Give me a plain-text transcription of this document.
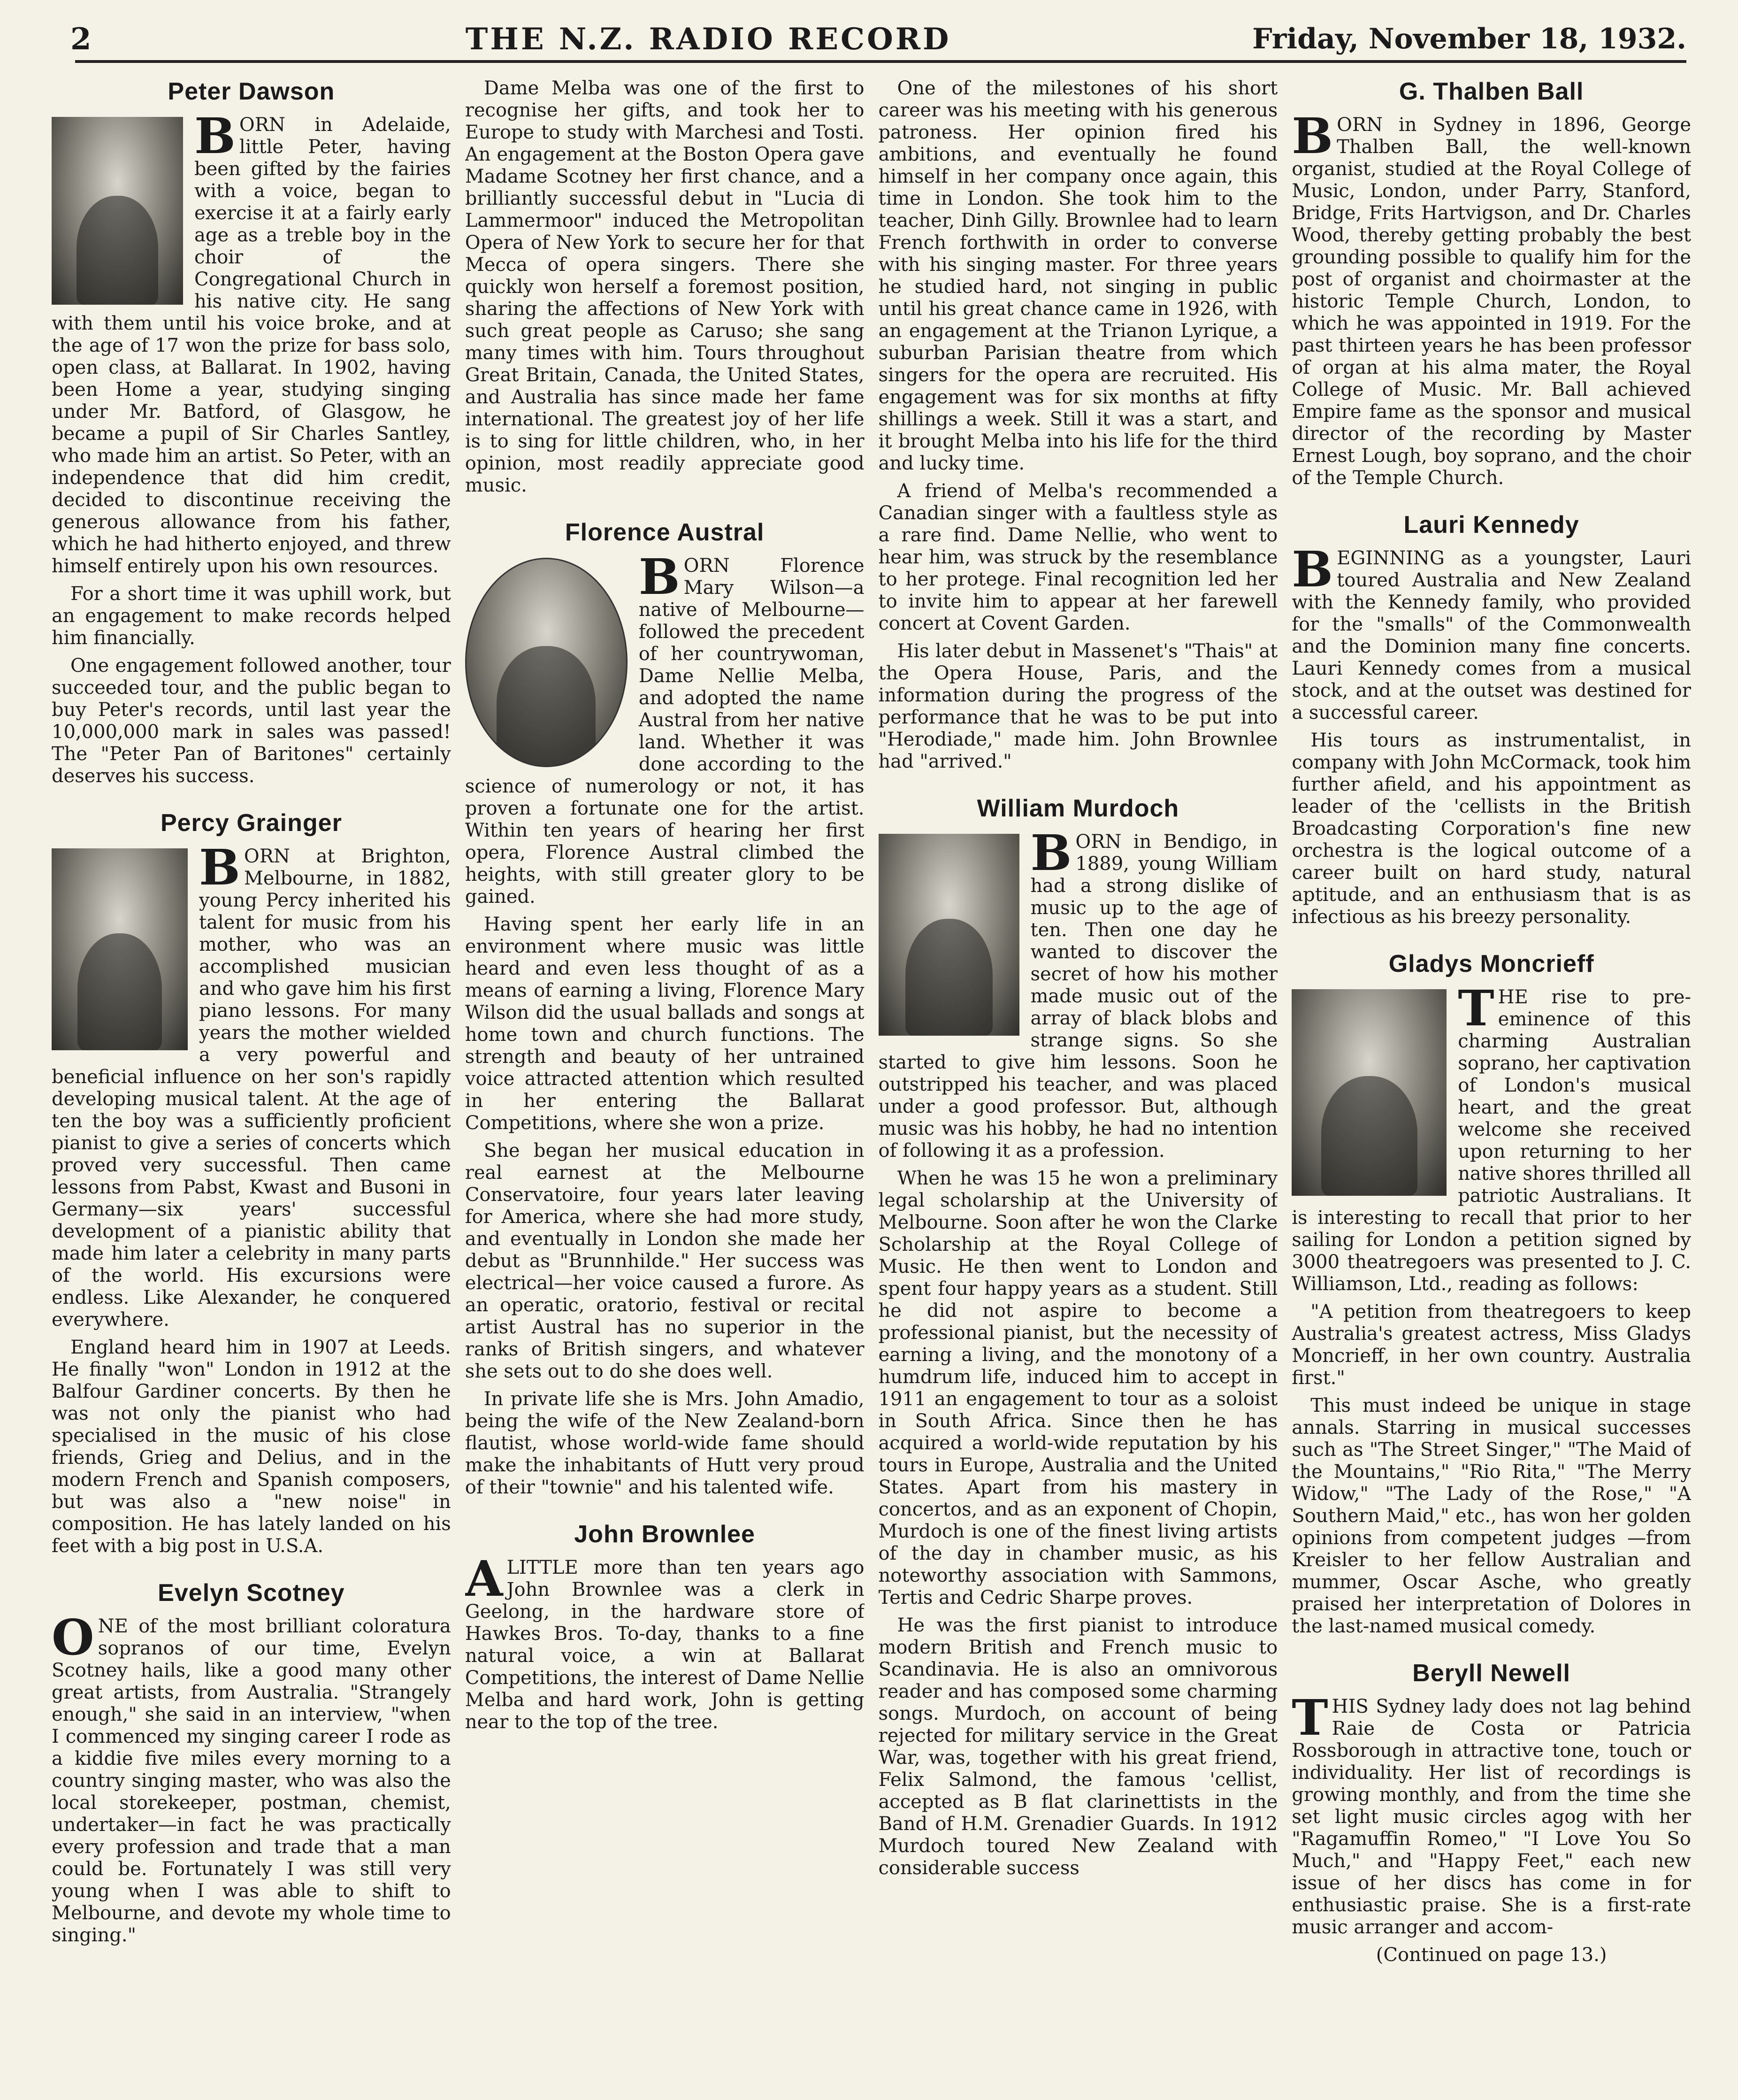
2	THE N.Z. RADIO RECORD	Friday, November 18, 1932.
Peter Dawson

BORN in Adelaide, little Peter, having been gifted by the fairies with a voice, began to exercise it at a fairly early age as a treble boy in the choir of the Congregational Church in his native city. He sang with them until his voice broke, and at the age of 17 won the prize for bass solo, open class, at Ballarat. In 1902, having been Home a year, studying singing under Mr. Batford, of Glasgow, he became a pupil of Sir Charles Santley, who made him an artist. So Peter, with an independence that did him credit, decided to discontinue receiving the generous allowance from his father, which he had hitherto enjoyed, and threw himself entirely upon his own resources.

For a short time it was uphill work, but an engagement to make records helped him financially.

One engagement followed another, tour succeeded tour, and the public began to buy Peter's records, until last year the 10,000,000 mark in sales was passed! The "Peter Pan of Baritones" certainly deserves his success.

Percy Grainger

BORN at Brighton, Melbourne, in 1882, young Percy inherited his talent for music from his mother, who was an accomplished musician and who gave him his first piano lessons. For many years the mother wielded a very powerful and beneficial influence on her son's rapidly developing musical talent. At the age of ten the boy was a sufficiently proficient pianist to give a series of concerts which proved very successful. Then came lessons from Pabst, Kwast and Busoni in Germany—six years' successful development of a pianistic ability that made him later a celebrity in many parts of the world. His excursions were endless. Like Alexander, he conquered everywhere.

England heard him in 1907 at Leeds. He finally "won" London in 1912 at the Balfour Gardiner concerts. By then he was not only the pianist who had specialised in the music of his close friends, Grieg and Delius, and in the modern French and Spanish composers, but was also a "new noise" in composition. He has lately landed on his feet with a big post in U.S.A.

Evelyn Scotney

ONE of the most brilliant coloratura sopranos of our time, Evelyn Scotney hails, like a good many other great artists, from Australia. "Strangely enough," she said in an interview, "when I commenced my singing career I rode as a kiddie five miles every morning to a country singing master, who was also the local storekeeper, postman, chemist, undertaker—in fact he was practically every profession and trade that a man could be. Fortunately I was still very young when I was able to shift to Melbourne, and devote my whole time to singing."

Dame Melba was one of the first to recognise her gifts, and took her to Europe to study with Marchesi and Tosti. An engagement at the Boston Opera gave Madame Scotney her first chance, and a brilliantly successful debut in "Lucia di Lammermoor" induced the Metropolitan Opera of New York to secure her for that Mecca of opera singers. There she quickly won herself a foremost position, sharing the affections of New York with such great people as Caruso; she sang many times with him. Tours throughout Great Britain, Canada, the United States, and Australia has since made her fame international. The greatest joy of her life is to sing for little children, who, in her opinion, most readily appreciate good music.

Florence Austral

BORN Florence Mary Wilson—a native of Melbourne—followed the precedent of her countrywoman, Dame Nellie Melba, and adopted the name Austral from her native land. Whether it was done according to the science of numerology or not, it has proven a fortunate one for the artist. Within ten years of hearing her first opera, Florence Austral climbed the heights, with still greater glory to be gained.

Having spent her early life in an environment where music was little heard and even less thought of as a means of earning a living, Florence Mary Wilson did the usual ballads and songs at home town and church functions. The strength and beauty of her untrained voice attracted attention which resulted in her entering the Ballarat Competitions, where she won a prize.

She began her musical education in real earnest at the Melbourne Conservatoire, four years later leaving for America, where she had more study, and eventually in London she made her debut as "Brunnhilde." Her success was electrical—her voice caused a furore. As an operatic, oratorio, festival or recital artist Austral has no superior in the ranks of British singers, and whatever she sets out to do she does well.

In private life she is Mrs. John Amadio, being the wife of the New Zealand-born flautist, whose world-wide fame should make the inhabitants of Hutt very proud of their "townie" and his talented wife.

John Brownlee

A LITTLE more than ten years ago John Brownlee was a clerk in Geelong, in the hardware store of Hawkes Bros. To-day, thanks to a fine natural voice, a win at Ballarat Competitions, the interest of Dame Nellie Melba and hard work, John is getting near to the top of the tree.

One of the milestones of his short career was his meeting with his generous patroness. Her opinion fired his ambitions, and eventually he found himself in her company once again, this time in London. She took him to the teacher, Dinh Gilly. Brownlee had to learn French forthwith in order to converse with his singing master. For three years he studied hard, not singing in public until his great chance came in 1926, with an engagement at the Trianon Lyrique, a suburban Parisian theatre from which singers for the opera are recruited. His engagement was for six months at fifty shillings a week. Still it was a start, and it brought Melba into his life for the third and lucky time.

A friend of Melba's recommended a Canadian singer with a faultless style as a rare find. Dame Nellie, who went to hear him, was struck by the resemblance to her protege. Final recognition led her to invite him to appear at her farewell concert at Covent Garden.

His later debut in Massenet's "Thais" at the Opera House, Paris, and the information during the progress of the performance that he was to be put into "Herodiade," made him. John Brownlee had "arrived."

William Murdoch

BORN in Bendigo, in 1889, young William had a strong dislike of music up to the age of ten. Then one day he wanted to discover the secret of how his mother made music out of the array of black blobs and strange signs. So she started to give him lessons. Soon he outstripped his teacher, and was placed under a good professor. But, although music was his hobby, he had no intention of following it as a profession.

When he was 15 he won a preliminary legal scholarship at the University of Melbourne. Soon after he won the Clarke Scholarship at the Royal College of Music. He then went to London and spent four happy years as a student. Still he did not aspire to become a professional pianist, but the necessity of earning a living, and the monotony of a humdrum life, induced him to accept in 1911 an engagement to tour as a soloist in South Africa. Since then he has acquired a world-wide reputation by his tours in Europe, Australia and the United States. Apart from his mastery in concertos, and as an exponent of Chopin, Murdoch is one of the finest living artists of the day in chamber music, as his noteworthy association with Sammons, Tertis and Cedric Sharpe proves.

He was the first pianist to introduce modern British and French music to Scandinavia. He is also an omnivorous reader and has composed some charming songs. Murdoch, on account of being rejected for military service in the Great War, was, together with his great friend, Felix Salmond, the famous 'cellist, accepted as B flat clarinettists in the Band of H.M. Grenadier Guards. In 1912 Murdoch toured New Zealand with considerable success

G. Thalben Ball

BORN in Sydney in 1896, George Thalben Ball, the well-known organist, studied at the Royal College of Music, London, under Parry, Stanford, Bridge, Frits Hartvigson, and Dr. Charles Wood, thereby getting probably the best grounding possible to qualify him for the post of organist and choirmaster at the historic Temple Church, London, to which he was appointed in 1919. For the past thirteen years he has been professor of organ at his alma mater, the Royal College of Music. Mr. Ball achieved Empire fame as the sponsor and musical director of the recording by Master Ernest Lough, boy soprano, and the choir of the Temple Church.

Lauri Kennedy

BEGINNING as a youngster, Lauri toured Australia and New Zealand with the Kennedy family, who provided for the "smalls" of the Commonwealth and the Dominion many fine concerts. Lauri Kennedy comes from a musical stock, and at the outset was destined for a successful career.

His tours as instrumentalist, in company with John McCormack, took him further afield, and his appointment as leader of the 'cellists in the British Broadcasting Corporation's fine new orchestra is the logical outcome of a career built on hard study, natural aptitude, and an enthusiasm that is as infectious as his breezy personality.

Gladys Moncrieff

THE rise to pre-eminence of this charming Australian soprano, her captivation of London's musical heart, and the great welcome she received upon returning to her native shores thrilled all patriotic Australians. It is interesting to recall that prior to her sailing for London a petition signed by 3000 theatregoers was presented to J. C. Williamson, Ltd., reading as follows:

"A petition from theatregoers to keep Australia's greatest actress, Miss Gladys Moncrieff, in her own country. Australia first."

This must indeed be unique in stage annals. Starring in musical successes such as "The Street Singer," "The Maid of the Mountains," "Rio Rita," "The Merry Widow," "The Lady of the Rose," "A Southern Maid," etc., has won her golden opinions from competent judges —from Kreisler to her fellow Australian and mummer, Oscar Asche, who greatly praised her interpretation of Dolores in the last-named musical comedy.

Beryll Newell

THIS Sydney lady does not lag behind Raie de Costa or Patricia Rossborough in attractive tone, touch or individuality. Her list of recordings is growing monthly, and from the time she set light music circles agog with her "Ragamuffin Romeo," "I Love You So Much," and "Happy Feet," each new issue of her discs has come in for enthusiastic praise. She is a first-rate music arranger and accom-

(Continued on page 13.)
